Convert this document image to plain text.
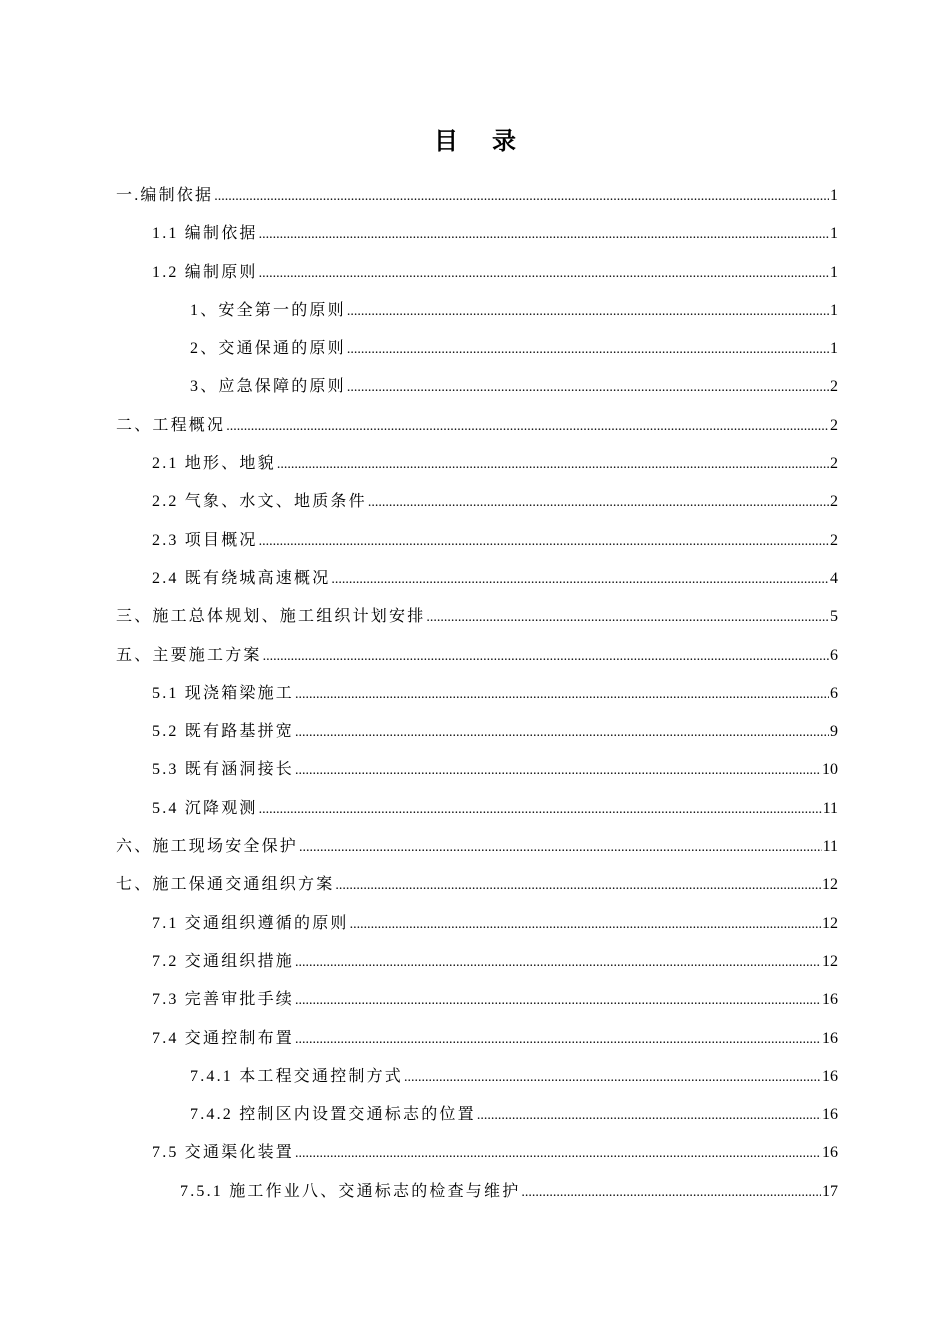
目 录
一.编制依据 .....	1
1.1 编制依据 .....	1
1.2 编制原则 .....	1
1、安全第一的原则 .....	1
2、交通保通的原则 .....	1
3、应急保障的原则 .....	2
二、工程概况 .....	2
2.1 地形、地貌 .....	2
2.2 气象、水文、地质条件 .....	2
2.3 项目概况 .....	2
2.4 既有绕城高速概况 .....	4
三、施工总体规划、施工组织计划安排 .....	5
五、主要施工方案 .....	6
5.1 现浇箱梁施工 .....	6
5.2 既有路基拼宽 .....	9
5.3 既有涵洞接长 .....	10
5.4 沉降观测 .....	11
六、施工现场安全保护 .....	11
七、施工保通交通组织方案 .....	12
7.1 交通组织遵循的原则 .....	12
7.2 交通组织措施 .....	12
7.3 完善审批手续 .....	16
7.4 交通控制布置 .....	16
7.4.1 本工程交通控制方式 .....	16
7.4.2 控制区内设置交通标志的位置 .....	16
7.5 交通渠化装置 .....	16
7.5.1 施工作业八、交通标志的检查与维护 .....	17
